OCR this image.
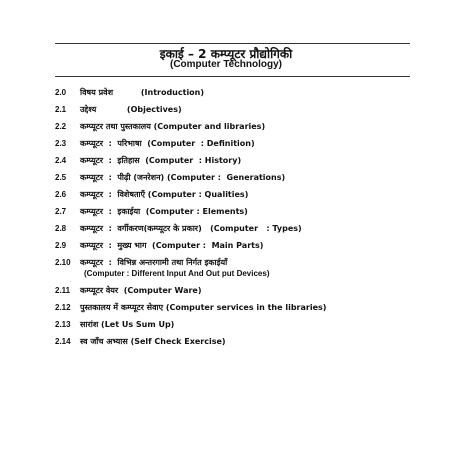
इकाई – 2 कम्प्यूटर प्रौद्योगिकी
(Computer Technology)
2.0	विषय प्रवेश          (Introduction)
2.1	उद्देश्य           (Objectives)
2.2	कम्प्यूटर तथा पुस्तकालय (Computer and libraries)
2.3	कम्प्यूटर  :  परिभाषा  (Computer  : Definition)
2.4	कम्प्यूटर  :  इतिहास  (Computer  : History)
2.5	कम्प्यूटर  :  पीढ़ी (जनरेशन) (Computer :  Generations)
2.6	कम्प्यूटर  :  विशेषताएँ (Computer : Qualities)
2.7	कम्प्यूटर  :  इकाईया  (Computer : Elements)
2.8	कम्प्यूटर  :  वर्गीकरण(कम्प्यूटर के प्रकार)   (Computer   : Types)
2.9	कम्प्यूटर  :  मुख्य भाग  (Computer :  Main Parts)
2.10	कम्प्यूटर  :  विभिन्न अन्तरगामी तथा निर्गत इकाईयाँ
(Computer : Different Input And Out put Devices)
2.11	कम्प्यूटर वेयर  (Computer Ware)
2.12	पुस्तकालय में कम्प्यूटर सेवाए (Computer services in the libraries)
2.13	सारांश (Let Us Sum Up)
2.14	स्व जाँच अभ्यास (Self Check Exercise)
